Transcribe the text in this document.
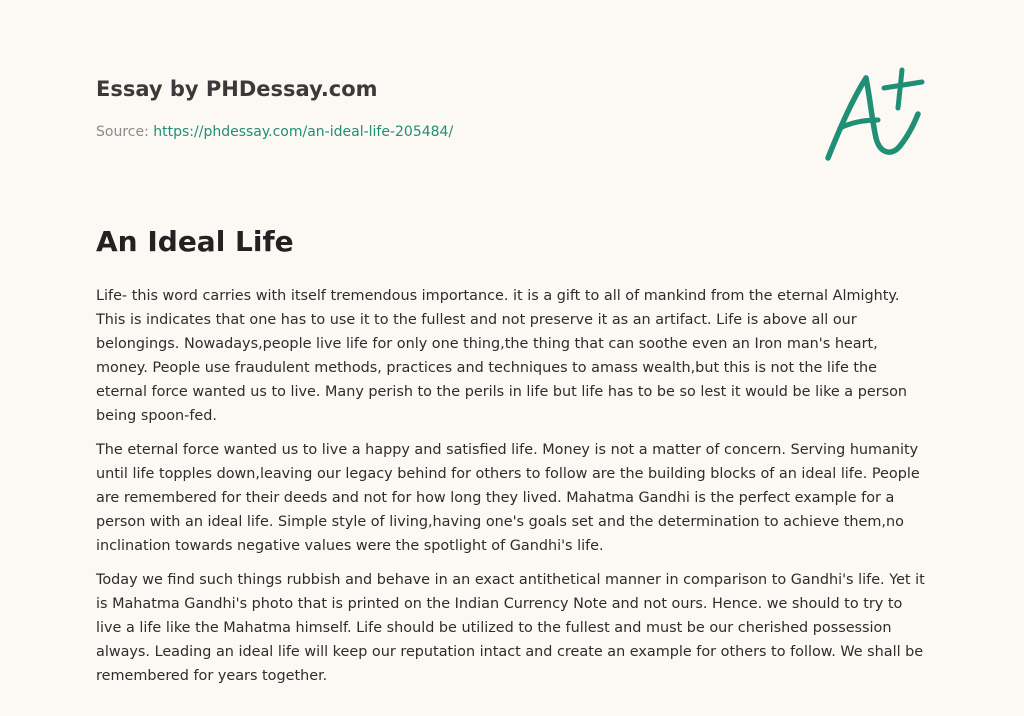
Essay by PHDessay.com
Source: https://phdessay.com/an-ideal-life-205484/
An Ideal Life

Life- this word carries with itself tremendous importance. it is a gift to all of mankind from the eternal Almighty. This is indicates that one has to use it to the fullest and not preserve it as an artifact. Life is above all our belongings. Nowadays,people live life for only one thing,the thing that can soothe even an Iron man's heart, money. People use fraudulent methods, practices and techniques to amass wealth,but this is not the life the eternal force wanted us to live. Many perish to the perils in life but life has to be so lest it would be like a person being spoon-fed.

The eternal force wanted us to live a happy and satisfied life. Money is not a matter of concern. Serving humanity until life topples down,leaving our legacy behind for others to follow are the building blocks of an ideal life. People are remembered for their deeds and not for how long they lived. Mahatma Gandhi is the perfect example for a person with an ideal life. Simple style of living,having one's goals set and the determination to achieve them,no inclination towards negative values were the spotlight of Gandhi's life.

Today we find such things rubbish and behave in an exact antithetical manner in comparison to Gandhi's life. Yet it is Mahatma Gandhi's photo that is printed on the Indian Currency Note and not ours. Hence. we should to try to live a life like the Mahatma himself. Life should be utilized to the fullest and must be our cherished possession always. Leading an ideal life will keep our reputation intact and create an example for others to follow. We shall be remembered for years together.
